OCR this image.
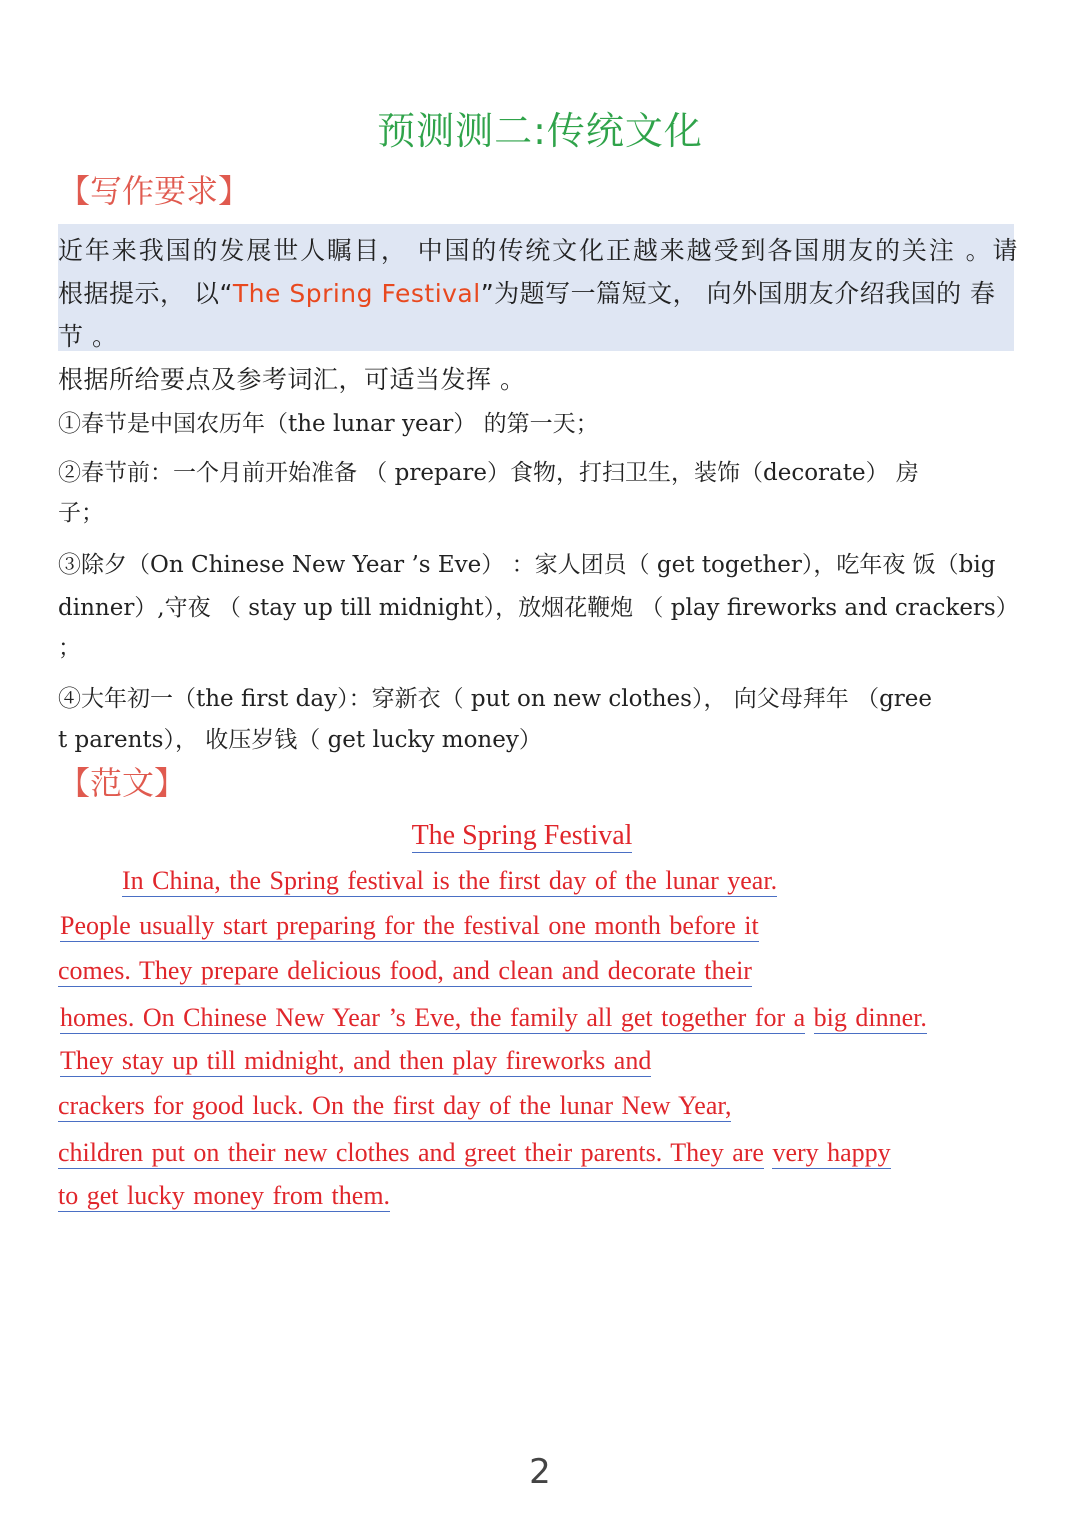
预测测二:传统文化
【写作要求】
近年来我国的发展世人瞩目， 中国的传统文化正越来越受到各国朋友的关注 。请
根据提示， 以“The Spring Festival”为题写一篇短文， 向外国朋友介绍我国的 春
节 。
根据所给要点及参考词汇，可适当发挥 。
①春节是中国农历年（the lunar year） 的第一天；
②春节前：一个月前开始准备 （ prepare）食物，打扫卫生，装饰（decorate） 房
子；
③除夕（On Chinese New Year ’s Eve） ：家人团员（ get together），吃年夜 饭（big
dinner）,守夜 （ stay up till midnight），放烟花鞭炮 （ play fireworks and crackers）
；
④大年初一（the first day）：穿新衣（ put on new clothes）， 向父母拜年 （gree
t parents）， 收压岁钱（ get lucky money）
【范文】
The Spring Festival
In China, the Spring festival is the first day of the lunar year.
People usually start preparing for the festival one month before it
comes. They prepare delicious food, and clean and decorate their
homes. On Chinese New Year ’s Eve, the family all get together for a big dinner.
They stay up till midnight, and then play fireworks and
crackers for good luck. On the first day of the lunar New Year,
children put on their new clothes and greet their parents. They are very happy
to get lucky money from them.
2
